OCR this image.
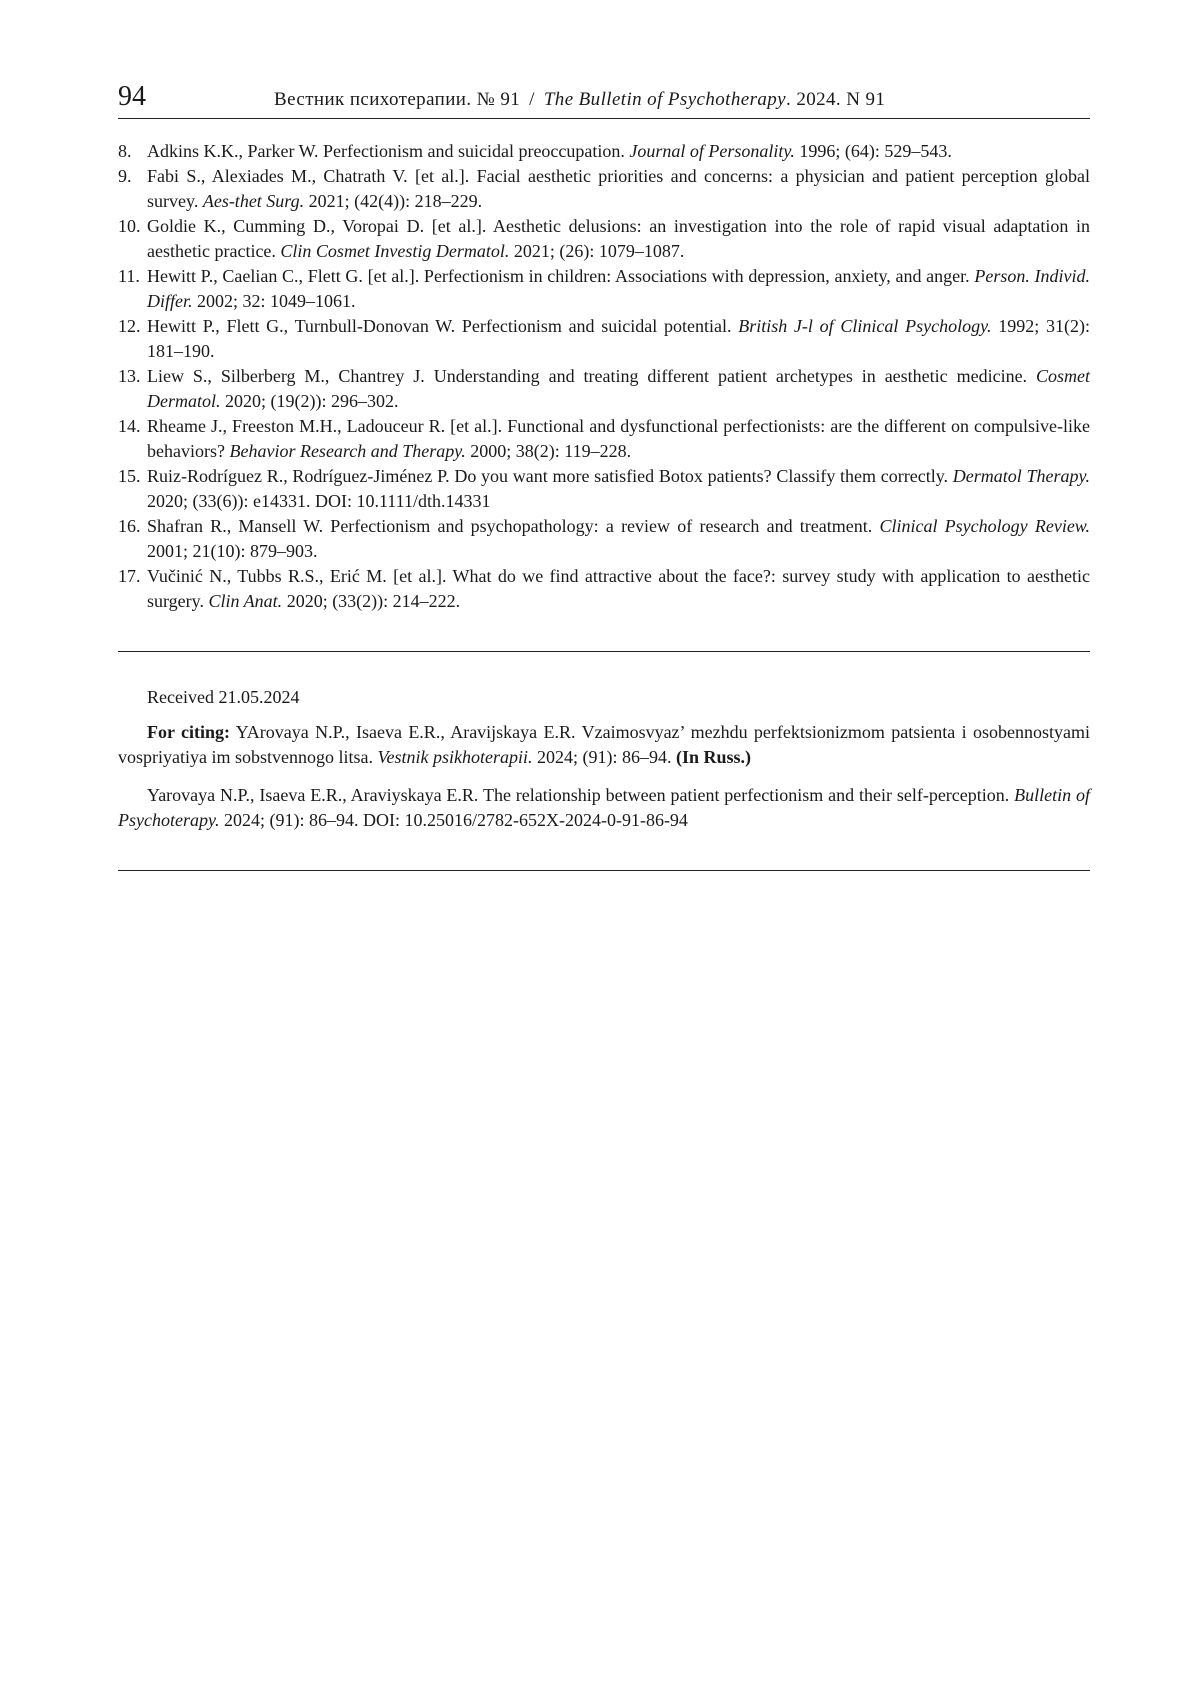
94	Вестник психотерапии. № 91 / The Bulletin of Psychotherapy. 2024. N 91
8. Adkins K.K., Parker W. Perfectionism and suicidal preoccupation. Journal of Personality. 1996; (64): 529–543.
9. Fabi S., Alexiades M., Chatrath V. [et al.]. Facial aesthetic priorities and concerns: a physician and patient perception global survey. Aes-thet Surg. 2021; (42(4)): 218–229.
10. Goldie K., Cumming D., Voropai D. [et al.]. Aesthetic delusions: an investigation into the role of rapid visual adaptation in aesthetic practice. Clin Cosmet Investig Dermatol. 2021; (26): 1079–1087.
11. Hewitt P., Caelian C., Flett G. [et al.]. Perfectionism in children: Associations with depression, anxiety, and anger. Person. Individ. Differ. 2002; 32: 1049–1061.
12. Hewitt P., Flett G., Turnbull-Donovan W. Perfectionism and suicidal potential. British J-l of Clinical Psychology. 1992; 31(2): 181–190.
13. Liew S., Silberberg M., Chantrey J. Understanding and treating different patient archetypes in aesthetic medicine. Cosmet Dermatol. 2020; (19(2)): 296–302.
14. Rheame J., Freeston M.H., Ladouceur R. [et al.]. Functional and dysfunctional perfectionists: are the different on compulsive-like behaviors? Behavior Research and Therapy. 2000; 38(2): 119–228.
15. Ruiz-Rodríguez R., Rodríguez-Jiménez P. Do you want more satisfied Botox patients? Classify them correctly. Dermatol Therapy. 2020; (33(6)): e14331. DOI: 10.1111/dth.14331
16. Shafran R., Mansell W. Perfectionism and psychopathology: a review of research and treatment. Clinical Psychology Review. 2001; 21(10): 879–903.
17. Vučinić N., Tubbs R.S., Erić M. [et al.]. What do we find attractive about the face?: survey study with application to aesthetic surgery. Clin Anat. 2020; (33(2)): 214–222.
Received 21.05.2024
For citing: YArovaya N.P., Isaeva E.R., Aravijskaya E.R. Vzaimosvyaz’ mezhdu perfektsionizmom patsienta i osobennostyami vospriyatiya im sobstvennogo litsa. Vestnik psikhoterapii. 2024; (91): 86–94. (In Russ.)
Yarovaya N.P., Isaeva E.R., Araviyskaya E.R. The relationship between patient perfectionism and their self-perception. Bulletin of Psychoterapy. 2024; (91): 86–94. DOI: 10.25016/2782-652X-2024-0-91-86-94
